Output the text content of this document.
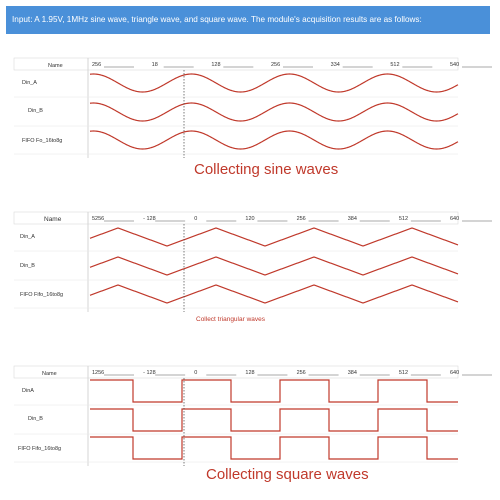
Input: A 1.95V, 1MHz sine wave, triangle wave, and square wave. The module's acquisition results are as follows:
Name	256	18	128	256	334	512	540
Din_A
Din_B
FIFO Fo_16to8g
Collecting sine waves
Name	5256	- 128	0	120	256	384	512	640
Din_A
Din_B
FIFO Fifo_16to8g
Collect triangular waves
Name	1256	- 128	0	128	256	384	512	640
DinA
Din_B
FIFO Fifo_16to8g
Collecting square waves
